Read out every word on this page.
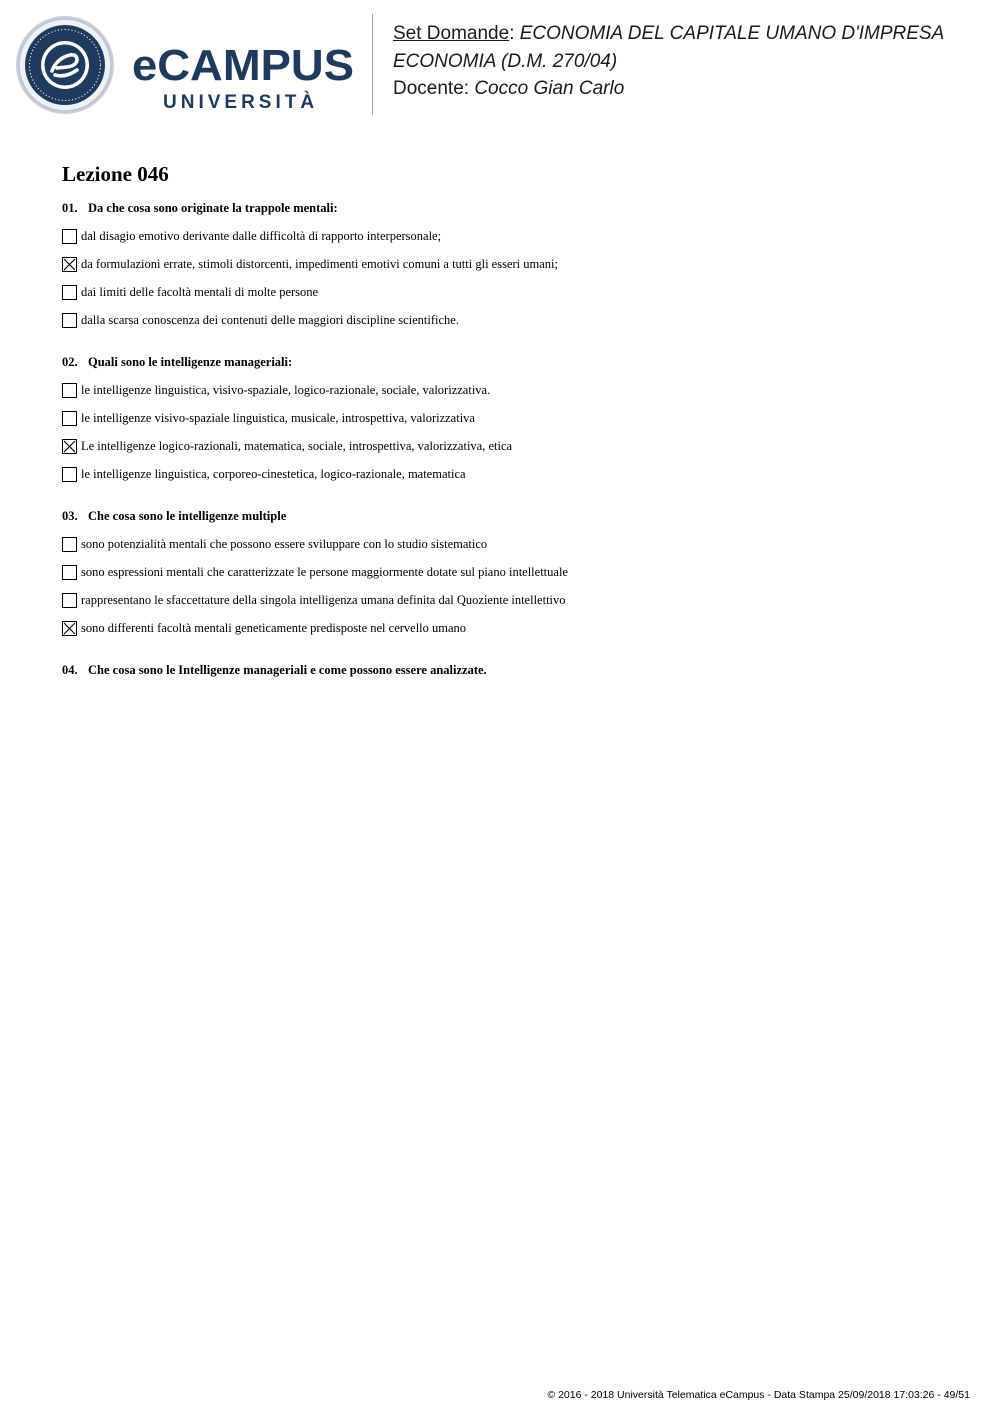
eCAMPUS
UNIVERSITÀ
Set Domande: ECONOMIA DEL CAPITALE UMANO D'IMPRESA
ECONOMIA (D.M. 270/04)
Docente: Cocco Gian Carlo
Lezione 046
01. Da che cosa sono originate la trappole mentali:
dal disagio emotivo derivante dalle difficoltà di rapporto interpersonale;
da formulazioni errate, stimoli distorcenti, impedimenti emotivi comuni a tutti gli esseri umani;
dai limiti delle facoltà mentali di molte persone
dalla scarsa conoscenza dei contenuti delle maggiori discipline scientifiche.
02. Quali sono le intelligenze manageriali:
le intelligenze linguistica, visivo-spaziale, logico-razionale, sociale, valorizzativa.
le intelligenze visivo-spaziale linguistica, musicale, introspettiva, valorizzativa
Le intelligenze logico-razionali, matematica, sociale, introspettiva, valorizzativa, etica
le intelligenze linguistica, corporeo-cinestetica, logico-razionale, matematica
03. Che cosa sono le intelligenze multiple
sono potenzialità mentali che possono essere sviluppare con lo studio sistematico
sono espressioni mentali che caratterizzate le persone maggiormente dotate sul piano intellettuale
rappresentano le sfaccettature della singola intelligenza umana definita dal Quoziente intellettivo
sono differenti facoltà mentali geneticamente predisposte nel cervello umano
04. Che cosa sono le Intelligenze manageriali e come possono essere analizzate.
© 2016 - 2018 Università Telematica eCampus - Data Stampa 25/09/2018 17:03:26 - 49/51
